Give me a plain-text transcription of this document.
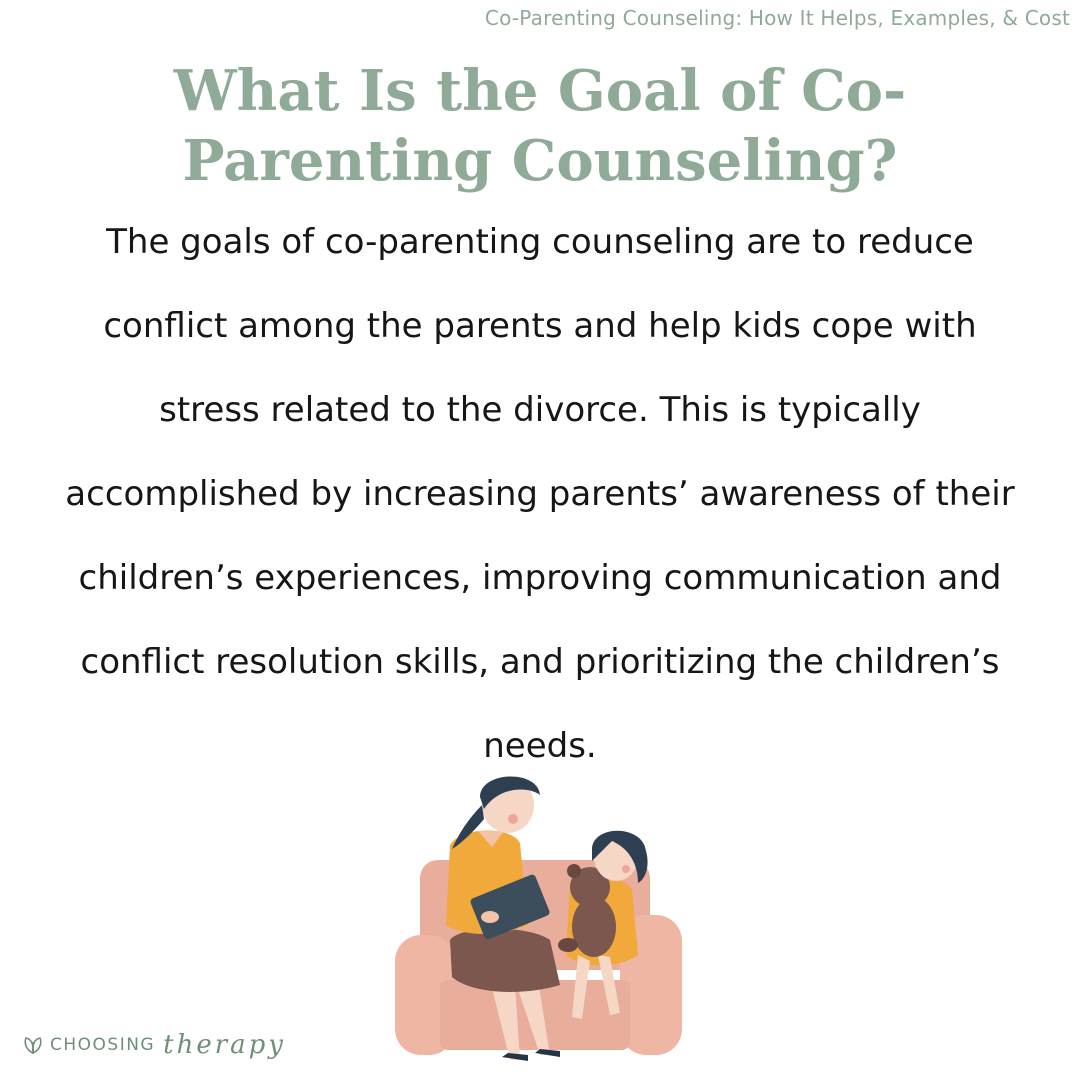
Co-Parenting Counseling: How It Helps, Examples, & Cost
What Is the Goal of Co-Parenting Counseling?

The goals of co-parenting counseling are to reduce conflict among the parents and help kids cope with stress related to the divorce. This is typically accomplished by increasing parents’ awareness of their children’s experiences, improving communication and conflict resolution skills, and prioritizing the children’s needs.

CHOOSING therapy
